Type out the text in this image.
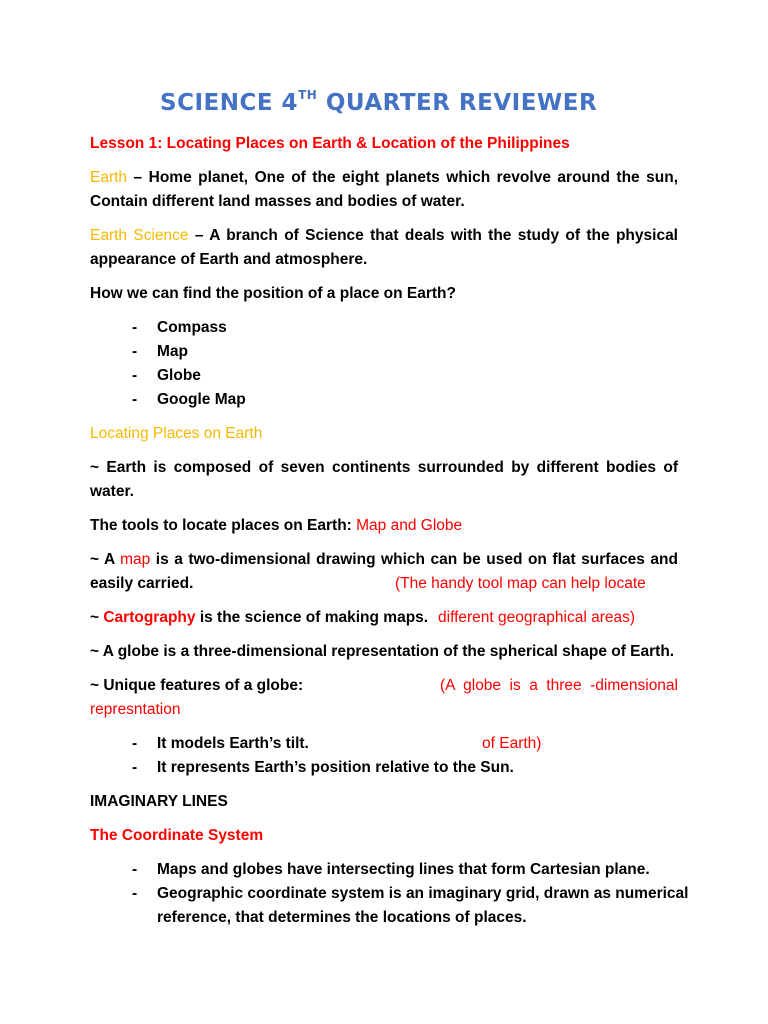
SCIENCE 4TH QUARTER REVIEWER
Lesson 1: Locating Places on Earth & Location of the Philippines
Earth – Home planet, One of the eight planets which revolve around the sun,
Contain different land masses and bodies of water.
Earth Science – A branch of Science that deals with the study of the physical
appearance of Earth and atmosphere.
How we can find the position of a place on Earth?
- Compass
- Map
- Globe
- Google Map
Locating Places on Earth
~ Earth is composed of seven continents surrounded by different bodies of
water.
The tools to locate places on Earth: Map and Globe
~ A map is a two-dimensional drawing which can be used on flat surfaces and
easily carried.	(The handy tool map can help locate
~ Cartography is the science of making maps. different geographical areas)
~ A globe is a three-dimensional representation of the spherical shape of Earth.
~ Unique features of a globe:	(A globe is a three -dimensional
represntation
- It models Earth’s tilt.	of Earth)
- It represents Earth’s position relative to the Sun.
IMAGINARY LINES
The Coordinate System
- Maps and globes have intersecting lines that form Cartesian plane.
- Geographic coordinate system is an imaginary grid, drawn as numerical
reference, that determines the locations of places.
